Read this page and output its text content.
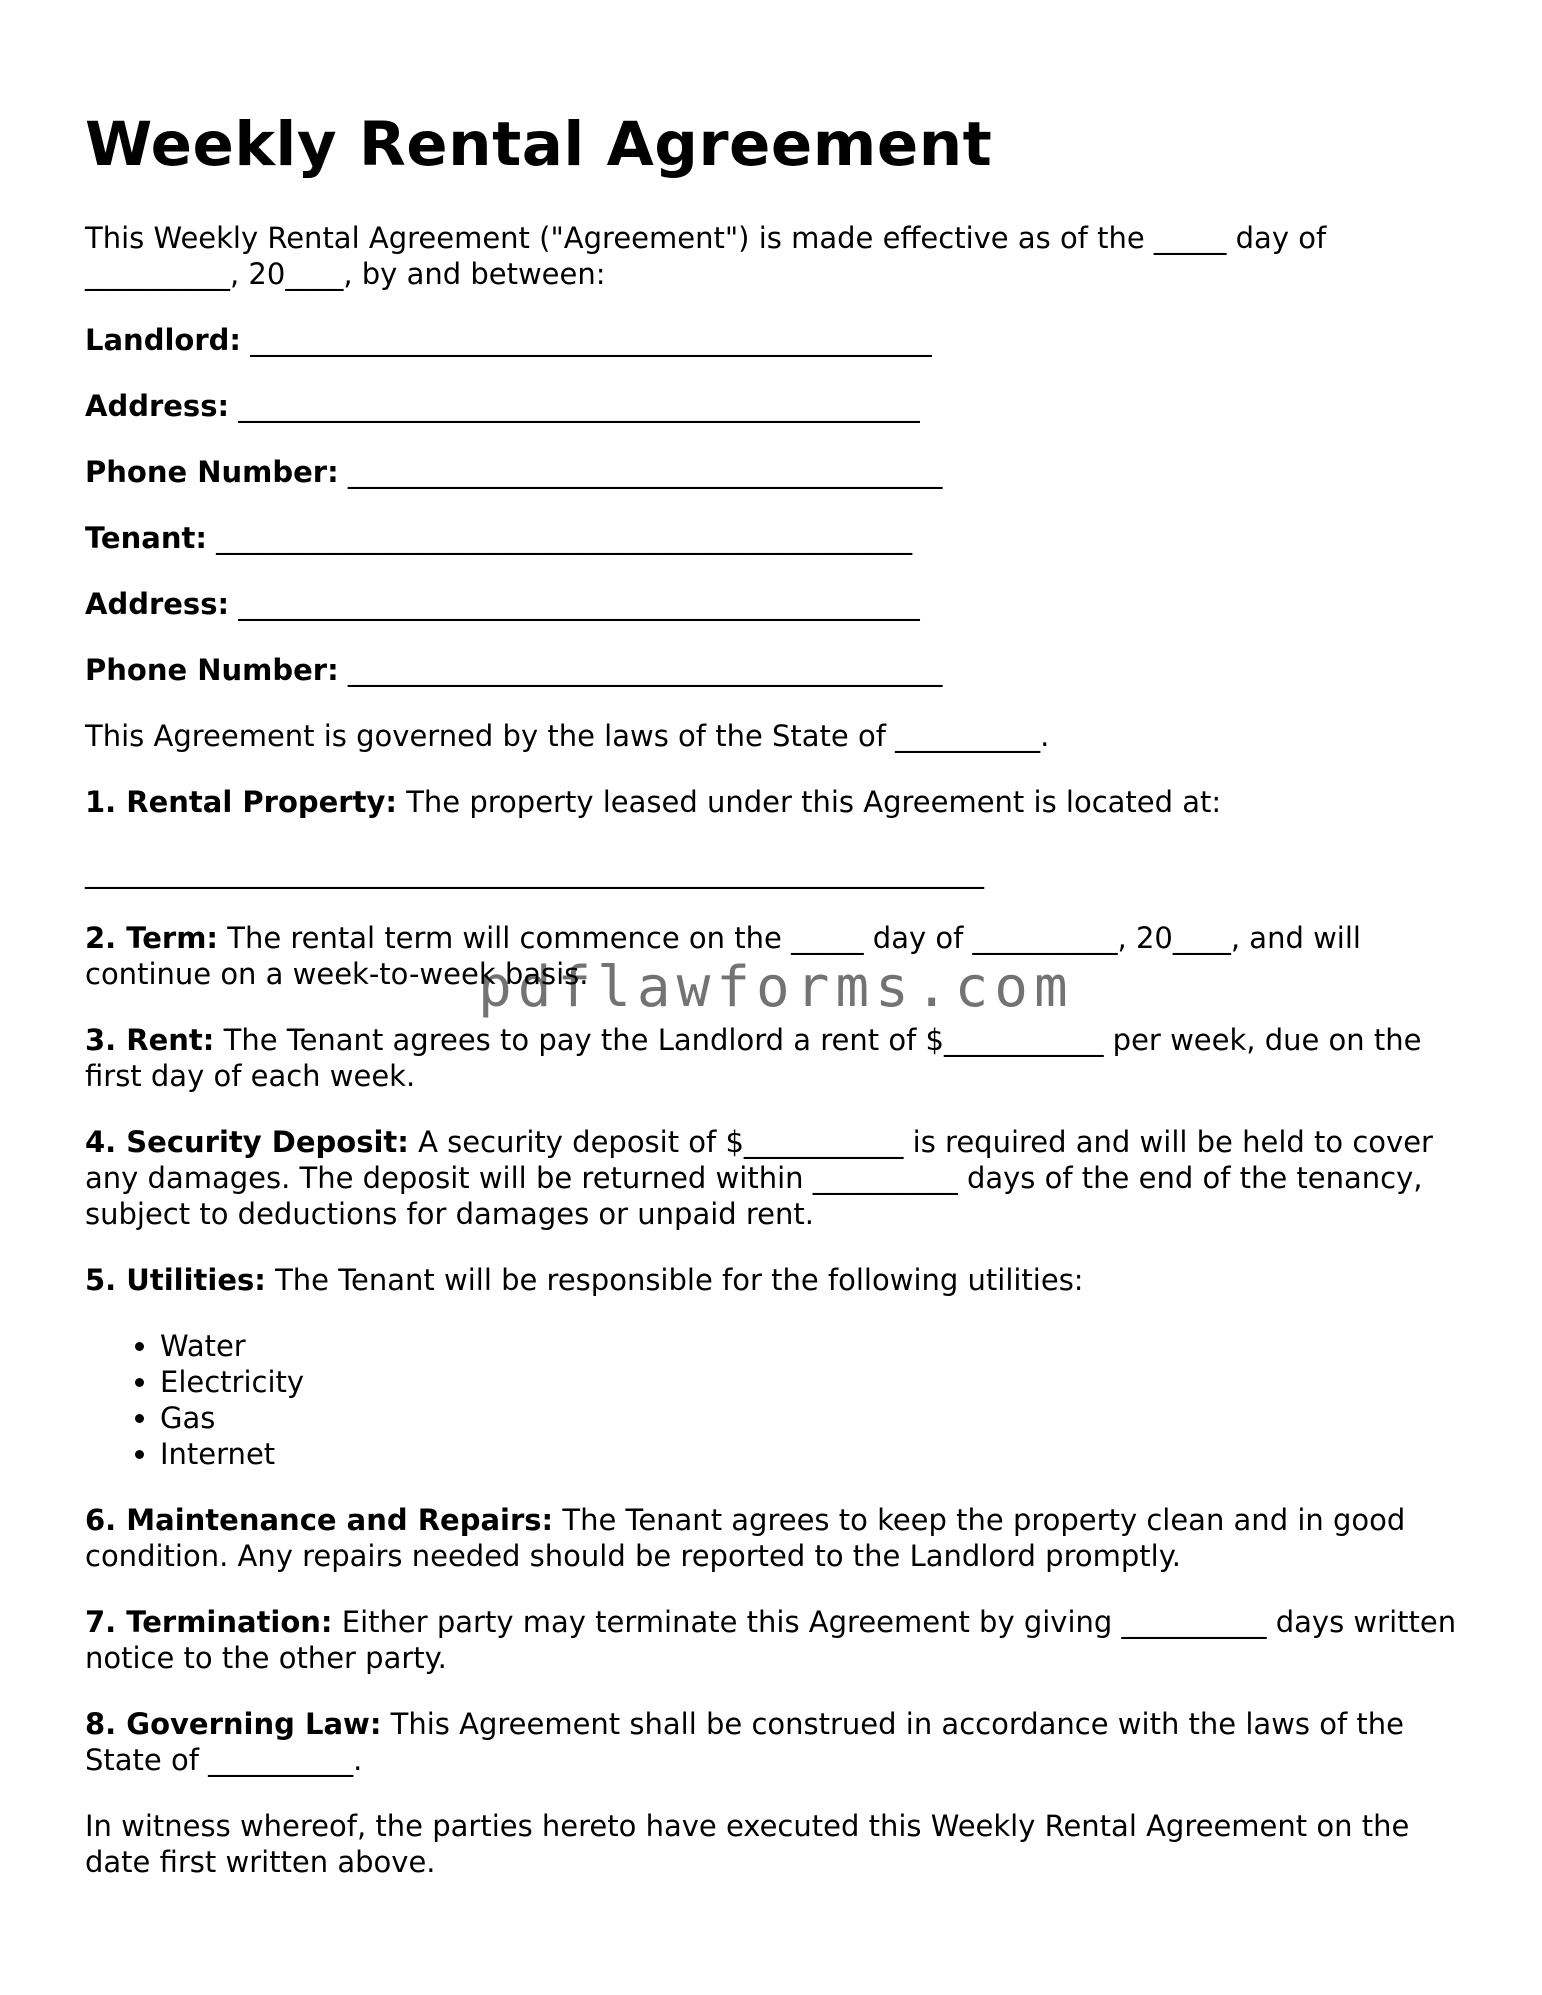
Weekly Rental Agreement

This Weekly Rental Agreement ("Agreement") is made effective as of the _____ day of __________, 20____, by and between:

Landlord: _______________________________________________

Address: _______________________________________________

Phone Number: _________________________________________

Tenant: ________________________________________________

Address: _______________________________________________

Phone Number: _________________________________________

This Agreement is governed by the laws of the State of __________.

1. Rental Property: The property leased under this Agreement is located at:

______________________________________________________________

2. Term: The rental term will commence on the _____ day of __________, 20____, and will continue on a week-to-week basis.

3. Rent: The Tenant agrees to pay the Landlord a rent of $___________ per week, due on the first day of each week.

4. Security Deposit: A security deposit of $___________ is required and will be held to cover any damages. The deposit will be returned within __________ days of the end of the tenancy, subject to deductions for damages or unpaid rent.

5. Utilities: The Tenant will be responsible for the following utilities:

• Water
• Electricity
• Gas
• Internet

6. Maintenance and Repairs: The Tenant agrees to keep the property clean and in good condition. Any repairs needed should be reported to the Landlord promptly.

7. Termination: Either party may terminate this Agreement by giving __________ days written notice to the other party.

8. Governing Law: This Agreement shall be construed in accordance with the laws of the State of __________.

In witness whereof, the parties hereto have executed this Weekly Rental Agreement on the date first written above.

pdflawforms.com
